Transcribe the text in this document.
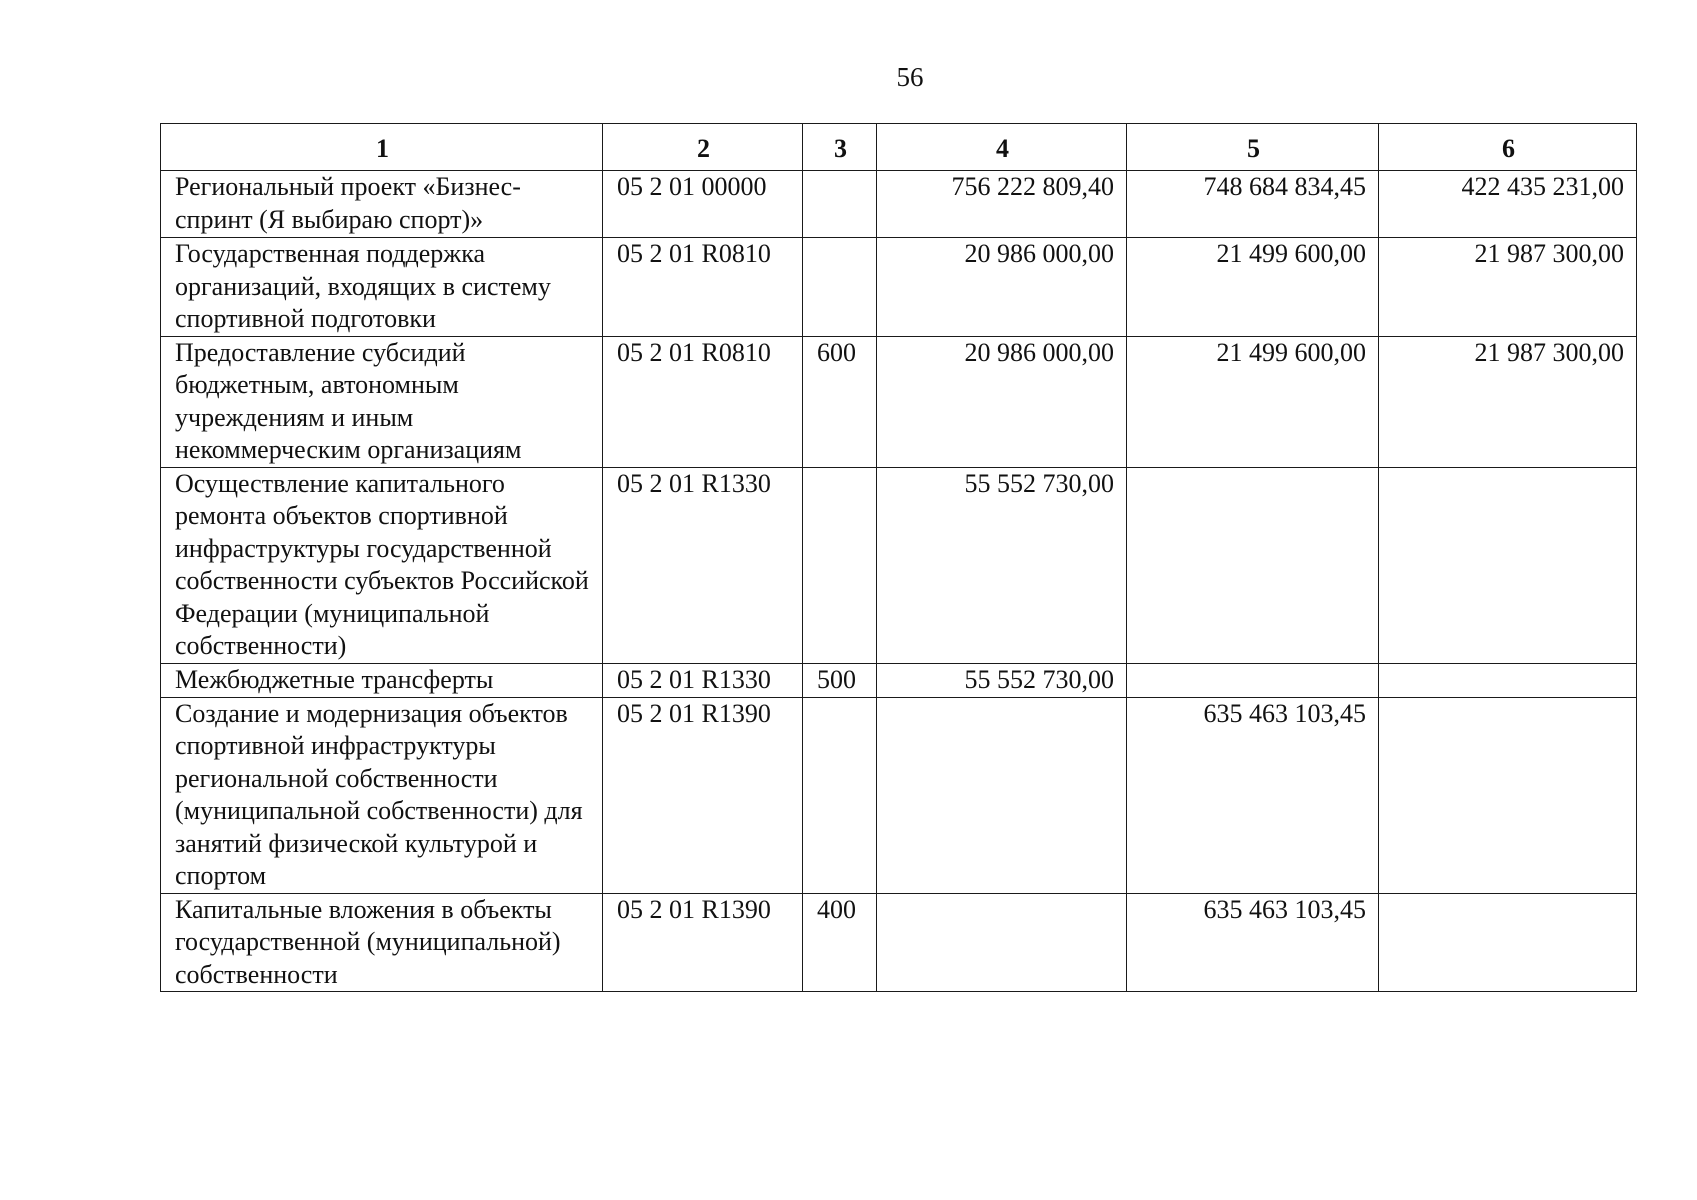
56
1	2	3	4	5	6
Региональный проект «Бизнес-спринт (Я выбираю спорт)»	05 2 01 00000		756 222 809,40	748 684 834,45	422 435 231,00
Государственная поддержка организаций, входящих в систему спортивной подготовки	05 2 01 R0810		20 986 000,00	21 499 600,00	21 987 300,00
Предоставление субсидий бюджетным, автономным учреждениям и иным некоммерческим организациям	05 2 01 R0810	600	20 986 000,00	21 499 600,00	21 987 300,00
Осуществление капитального ремонта объектов спортивной инфраструктуры государственной собственности субъектов Российской Федерации (муниципальной собственности)	05 2 01 R1330		55 552 730,00		
Межбюджетные трансферты	05 2 01 R1330	500	55 552 730,00		
Создание и модернизация объектов спортивной инфраструктуры региональной собственности (муниципальной собственности) для занятий физической культурой и спортом	05 2 01 R1390			635 463 103,45	
Капитальные вложения в объекты государственной (муниципальной) собственности	05 2 01 R1390	400		635 463 103,45	
